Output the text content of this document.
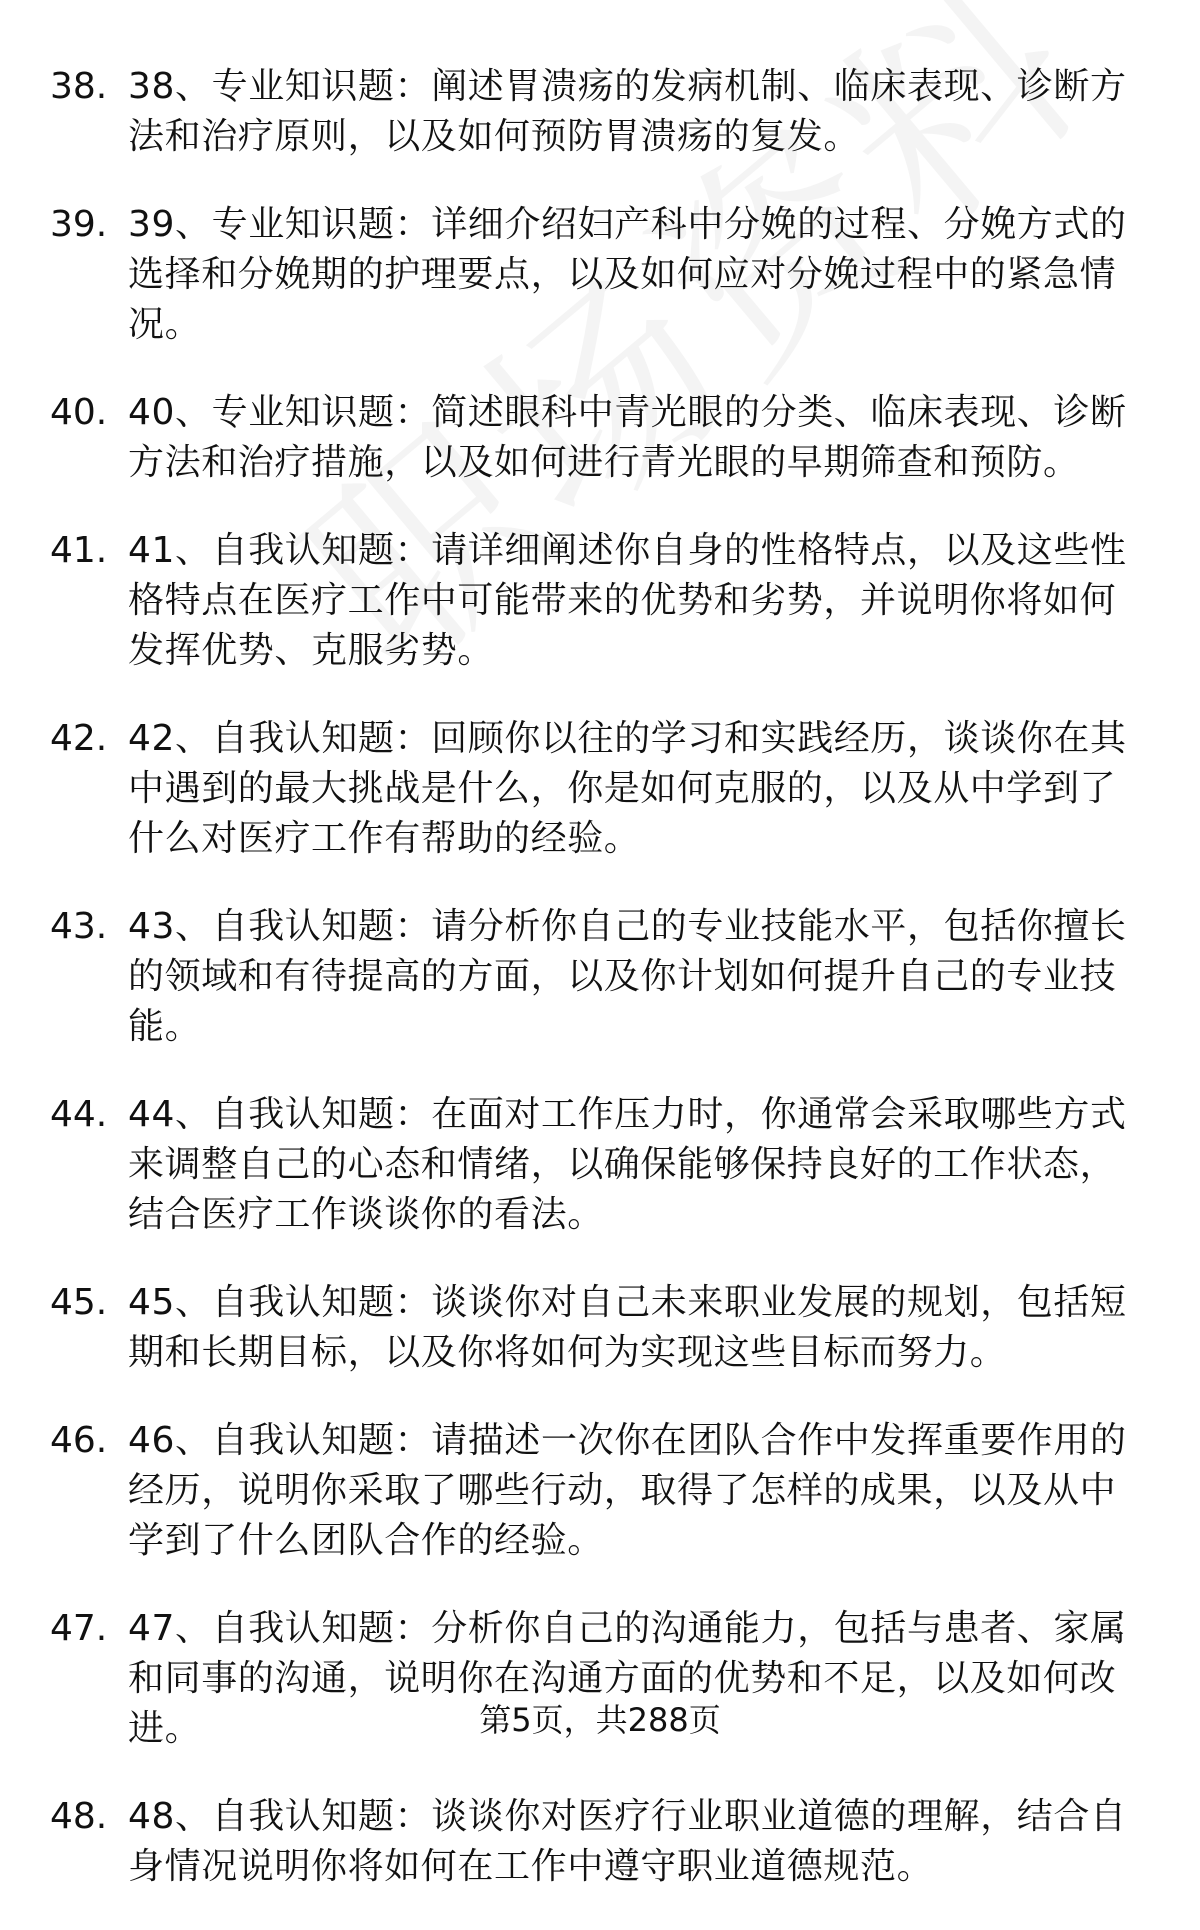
38. 38、专业知识题：阐述胃溃疡的发病机制、临床表现、诊断方法和治疗原则，以及如何预防胃溃疡的复发。
39. 39、专业知识题：详细介绍妇产科中分娩的过程、分娩方式的选择和分娩期的护理要点，以及如何应对分娩过程中的紧急情况。
40. 40、专业知识题：简述眼科中青光眼的分类、临床表现、诊断方法和治疗措施，以及如何进行青光眼的早期筛查和预防。
41. 41、自我认知题：请详细阐述你自身的性格特点，以及这些性格特点在医疗工作中可能带来的优势和劣势，并说明你将如何发挥优势、克服劣势。
42. 42、自我认知题：回顾你以往的学习和实践经历，谈谈你在其中遇到的最大挑战是什么，你是如何克服的，以及从中学到了什么对医疗工作有帮助的经验。
43. 43、自我认知题：请分析你自己的专业技能水平，包括你擅长的领域和有待提高的方面，以及你计划如何提升自己的专业技能。
44. 44、自我认知题：在面对工作压力时，你通常会采取哪些方式来调整自己的心态和情绪，以确保能够保持良好的工作状态，结合医疗工作谈谈你的看法。
45. 45、自我认知题：谈谈你对自己未来职业发展的规划，包括短期和长期目标，以及你将如何为实现这些目标而努力。
46. 46、自我认知题：请描述一次你在团队合作中发挥重要作用的经历，说明你采取了哪些行动，取得了怎样的成果，以及从中学到了什么团队合作的经验。
47. 47、自我认知题：分析你自己的沟通能力，包括与患者、家属和同事的沟通，说明你在沟通方面的优势和不足，以及如何改进。
48. 48、自我认知题：谈谈你对医疗行业职业道德的理解，结合自身情况说明你将如何在工作中遵守职业道德规范。
第5页，共288页
